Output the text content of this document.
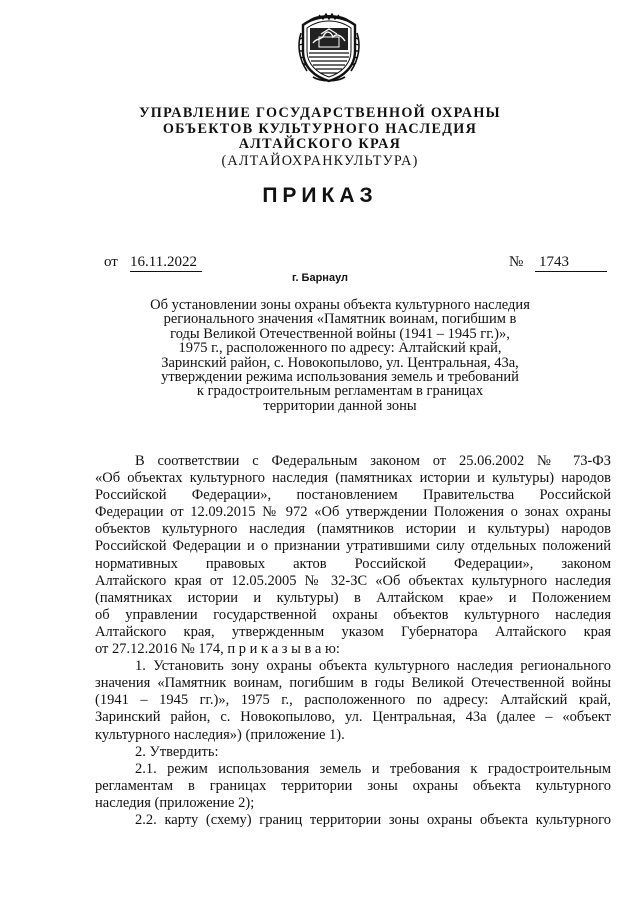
УПРАВЛЕНИЕ ГОСУДАРСТВЕННОЙ ОХРАНЫ
ОБЪЕКТОВ КУЛЬТУРНОГО НАСЛЕДИЯ
АЛТАЙСКОГО КРАЯ
(АЛТАЙОХРАНКУЛЬТУРА)
ПРИКАЗ
от 16.11.2022	№ 1743
г. Барнаул
Об установлении зоны охраны объекта культурного наследия
регионального значения «Памятник воинам, погибшим в
годы Великой Отечественной войны (1941 – 1945 гг.)»,
1975 г., расположенного по адресу: Алтайский край,
Заринский район, с. Новокопылово, ул. Центральная, 43а,
утверждении режима использования земель и требований
к градостроительным регламентам в границах
территории данной зоны
В соответствии с Федеральным законом от 25.06.2002 № 73-ФЗ
«Об объектах культурного наследия (памятниках истории и культуры) народов
Российской Федерации», постановлением Правительства Российской
Федерации от 12.09.2015 № 972 «Об утверждении Положения о зонах охраны
объектов культурного наследия (памятников истории и культуры) народов
Российской Федерации и о признании утратившими силу отдельных положений
нормативных правовых актов Российской Федерации», законом
Алтайского края от 12.05.2005 № 32-ЗС «Об объектах культурного наследия
(памятниках истории и культуры) в Алтайском крае» и Положением
об управлении государственной охраны объектов культурного наследия
Алтайского края, утвержденным указом Губернатора Алтайского края
от 27.12.2016 № 174, п р и к а з ы в а ю:
1. Установить зону охраны объекта культурного наследия регионального
значения «Памятник воинам, погибшим в годы Великой Отечественной войны
(1941 – 1945 гг.)», 1975 г., расположенного по адресу: Алтайский край,
Заринский район, с. Новокопылово, ул. Центральная, 43а (далее – «объект
культурного наследия») (приложение 1).
2. Утвердить:
2.1. режим использования земель и требования к градостроительным
регламентам в границах территории зоны охраны объекта культурного
наследия (приложение 2);
2.2. карту (схему) границ территории зоны охраны объекта культурного
